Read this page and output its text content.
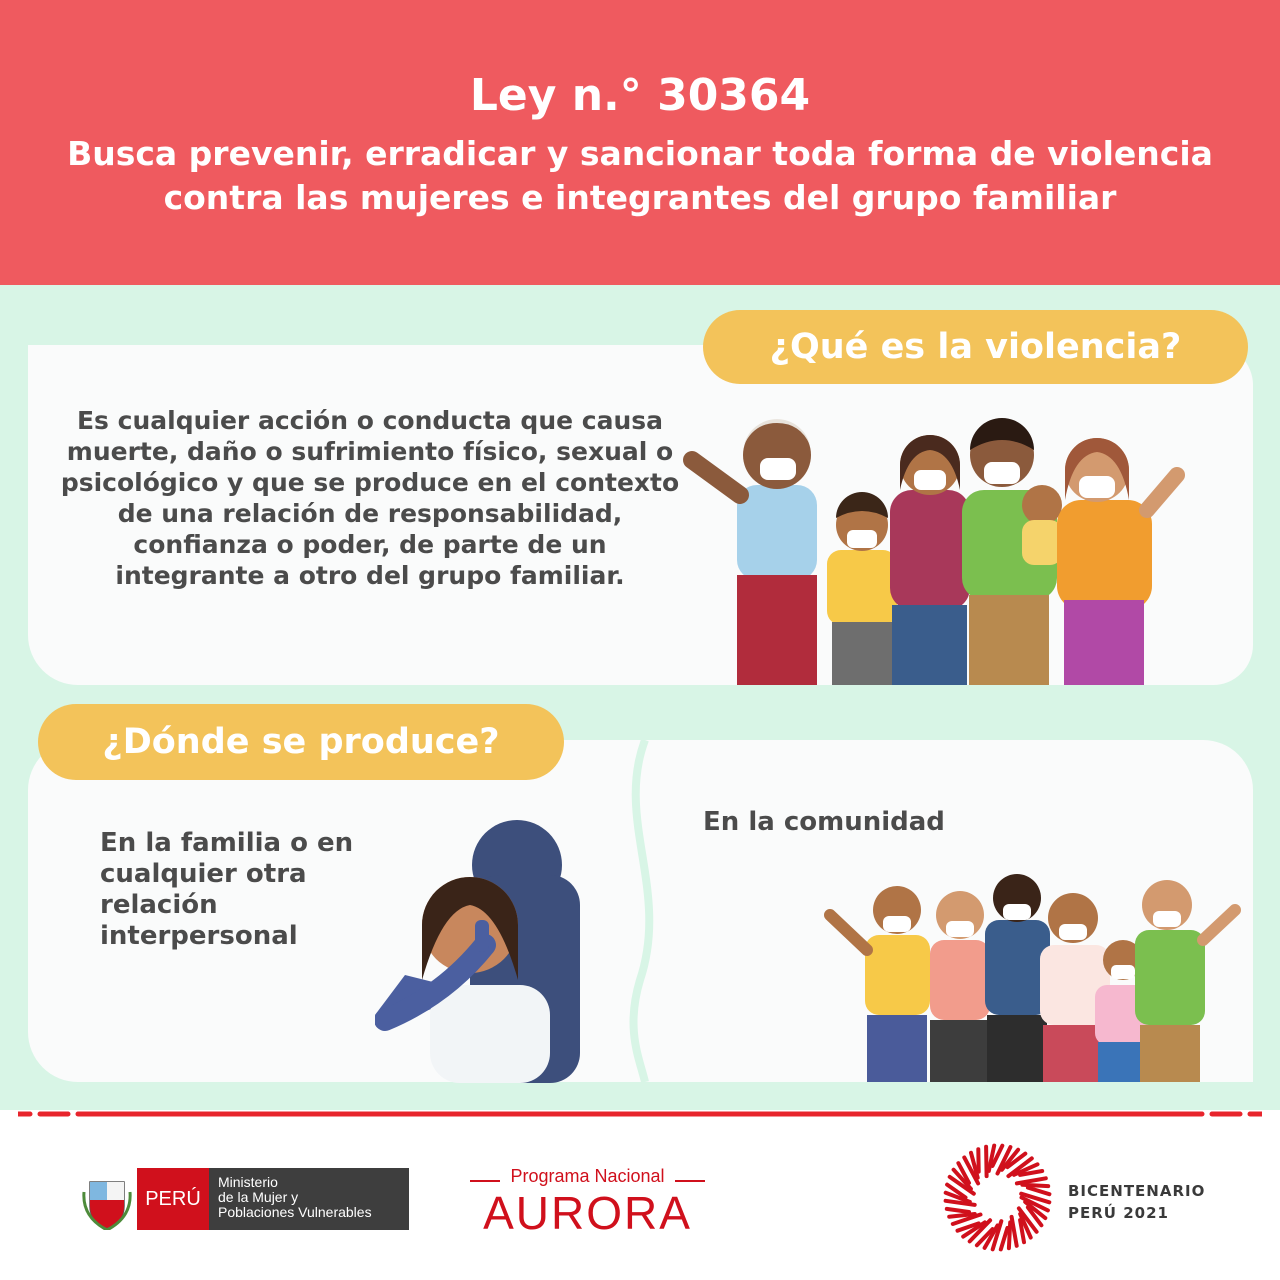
Ley n.° 30364
Busca prevenir, erradicar y sancionar toda forma de violencia contra las mujeres e integrantes del grupo familiar
¿Qué es la violencia?
Es cualquier acción o conducta que causa muerte, daño o sufrimiento físico, sexual o psicológico y que se produce en el contexto de una relación de responsabilidad, confianza o poder, de parte de un integrante a otro del grupo familiar.
¿Dónde se produce?
En la familia o en cualquier otra relación interpersonal
En la comunidad
PERÚ
Ministerio
de la Mujer y
Poblaciones Vulnerables
Programa Nacional
AURORA	BICENTENARIO
PERÚ 2021
